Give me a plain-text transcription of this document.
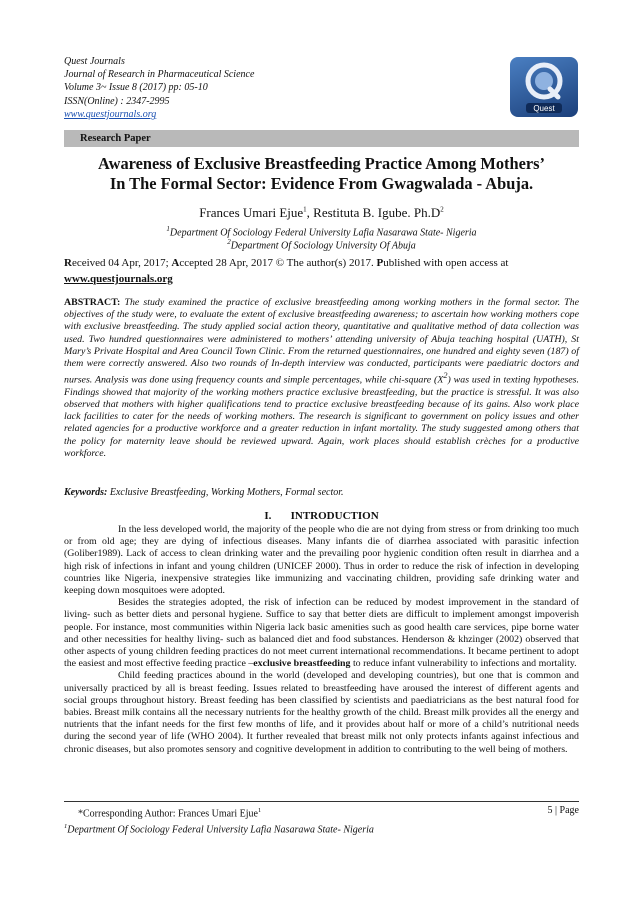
Quest Journals
Journal of Research in Pharmaceutical Science
Volume 3~ Issue 8 (2017) pp: 05-10
ISSN(Online) : 2347-2995
www.questjournals.org
Quest
Research Paper
Awareness of Exclusive Breastfeeding Practice Among Mothers’
In The Formal Sector: Evidence From Gwagwalada - Abuja.
Frances Umari Ejue$^1$, Restituta B. Igube. $Ph.D^2$
$^1$Department Of Sociology Federal University Lafia Nasarawa State- Nigeria
$^2$Department Of Sociology University Of Abuja
Received 04 Apr, 2017; Accepted 28 Apr, 2017 © The author(s) 2017. Published with open access at
www.questjournals.org
ABSTRACT: The study examined the practice of exclusive breastfeeding among working mothers in the formal sector. The objectives of the study were, to evaluate the extent of exclusive breastfeeding awareness; to ascertain how working mothers cope with exclusive breastfeeding. The study applied social action theory, quantitative and qualitative method of data collection was used. Two hundred questionnaires were administered to mothers’ attending university of Abuja teaching hospital (UATH), St Mary’s Private Hospital and Area Council Town Clinic. From the returned questionnaires, one hundred and eighty seven (187) of them were correctly answered. Also two rounds of In-depth interview was conducted, participants were paediatric doctors and nurses. Analysis was done using frequency counts and simple percentages, while chi-square $(X^2)$ was used in texting hypotheses. Findings showed that majority of the working mothers practice exclusive breastfeeding, but the practice is stressful. It was also observed that mothers with higher qualifications tend to practice exclusive breastfeeding because of its gains. Also work place lack facilities to cater for the needs of working mothers. The research is significant to government on policy issues and other related agencies for a productive workforce and a greater reduction in infant mortality. The study suggested among others that the policy for maternity leave should be reviewed upward. Again, work places should establish crèches for a productive workforce.
Keywords: Exclusive Breastfeeding, Working Mothers, Formal sector.
I.       INTRODUCTION

In the less developed world, the majority of the people who die are not dying from stress or from drinking too much or from old age; they are dying of infectious diseases. Many infants die of diarrhea associated with parasitic infection (Goliber1989). Lack of access to clean drinking water and the prevailing poor hygienic condition often result in diarrhea and a high risk of infections in infant and young children (UNICEF 2000). Thus in order to reduce the risk of infection in developing countries like Nigeria, inexpensive strategies like immunizing and vaccinating children, providing safe drinking water and keeping down mosquitoes were adopted.

Besides the strategies adopted, the risk of infection can be reduced by modest improvement in the standard of living- such as better diets and personal hygiene. Suffice to say that better diets are difficult to implement amongst impoverish people. For instance, most communities within Nigeria lack basic amenities such as good health care services, pipe borne water and other necessities for healthy living- such as balanced diet and food substances. Henderson & khzinger (2002) observed that other aspects of young children feeding practices do not meet current international recommendations. It became pertinent to adopt the easiest and most effective feeding practice –exclusive breastfeeding to reduce infant vulnerability to infections and mortality.

Child feeding practices abound in the world (developed and developing countries), but one that is common and universally practiced by all is breast feeding. Issues related to breastfeeding have aroused the interest of different agents and social groups throughout history. Breast feeding has been classified by scientists and paediatricians as the best natural food for babies. Breast milk contains all the necessary nutrients for the healthy growth of the child. Breast milk provides all the energy and nutrients that the infant needs for the first few months of life, and it provides about half or more of a child’s nutritional needs during the second year of life (WHO 2004). It further revealed that breast milk not only protects infants against infectious and chronic diseases, but also promotes sensory and cognitive development in addition to contributing to the well being of mothers.

*Corresponding Author: Frances Umari Ejue$^1$	5 | Page
$^1$Department Of Sociology Federal University Lafia Nasarawa State- Nigeria
